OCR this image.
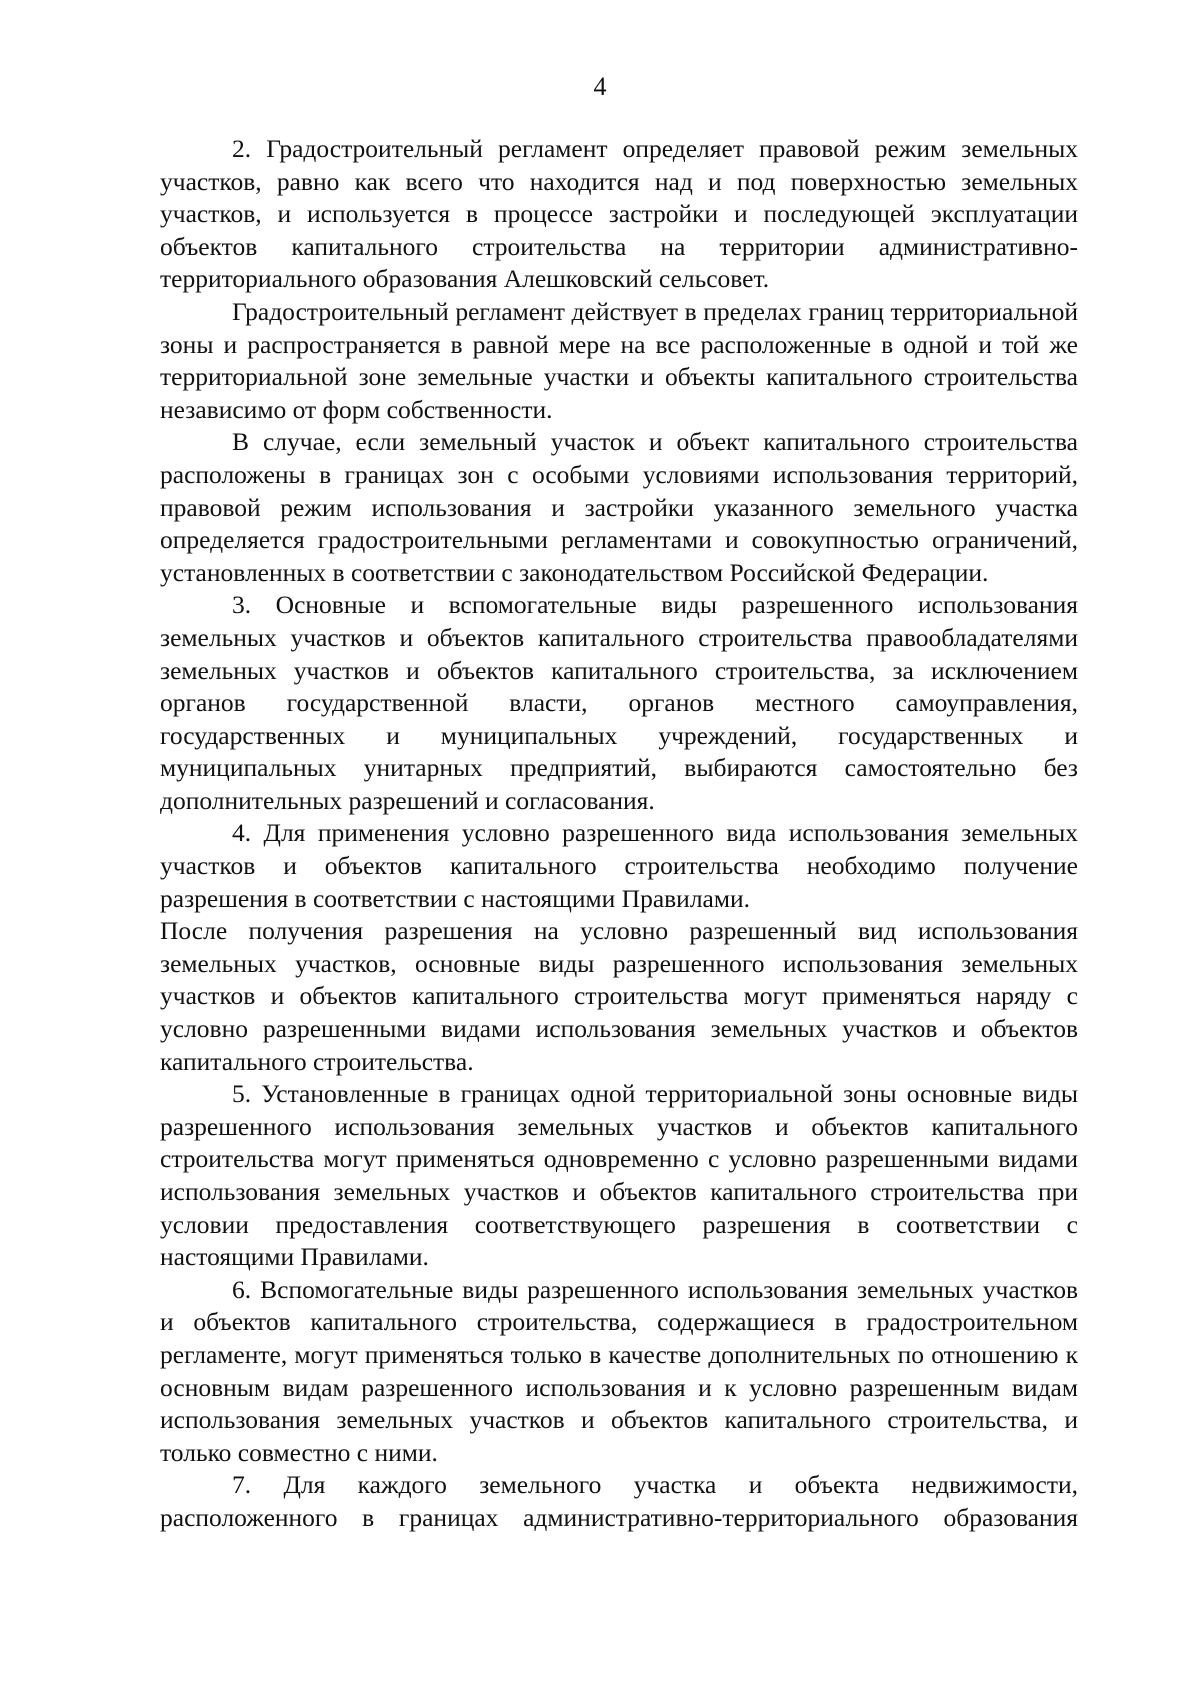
4

2. Градостроительный регламент определяет правовой режим земельных участков, равно как всего что находится над и под поверхностью земельных участков, и используется в процессе застройки и последующей эксплуатации объектов капитального строительства на территории административно-территориального образования Алешковский сельсовет.

Градостроительный регламент действует в пределах границ территориальной зоны и распространяется в равной мере на все расположенные в одной и той же территориальной зоне земельные участки и объекты капитального строительства независимо от форм собственности.

В случае, если земельный участок и объект капитального строительства расположены в границах зон с особыми условиями использования территорий, правовой режим использования и застройки указанного земельного участка определяется градостроительными регламентами и совокупностью ограничений, установленных в соответствии с законодательством Российской Федерации.

3. Основные и вспомогательные виды разрешенного использования земельных участков и объектов капитального строительства правообладателями земельных участков и объектов капитального строительства, за исключением органов государственной власти, органов местного самоуправления, государственных и муниципальных учреждений, государственных и муниципальных унитарных предприятий, выбираются самостоятельно без дополнительных разрешений и согласования.

4. Для применения условно разрешенного вида использования земельных участков и объектов капитального строительства необходимо получение разрешения в соответствии с настоящими Правилами.

После получения разрешения на условно разрешенный вид использования земельных участков, основные виды разрешенного использования земельных участков и объектов капитального строительства могут применяться наряду с условно разрешенными видами использования земельных участков и объектов капитального строительства.

5. Установленные в границах одной территориальной зоны основные виды разрешенного использования земельных участков и объектов капитального строительства могут применяться одновременно с условно разрешенными видами использования земельных участков и объектов капитального строительства при условии предоставления соответствующего разрешения в соответствии с настоящими Правилами.

6. Вспомогательные виды разрешенного использования земельных участков и объектов капитального строительства, содержащиеся в градостроительном регламенте, могут применяться только в качестве дополнительных по отношению к основным видам разрешенного использования и к условно разрешенным видам использования земельных участков и объектов капитального строительства, и только совместно с ними.

7. Для каждого земельного участка и объекта недвижимости, расположенного в границах административно-территориального образования
